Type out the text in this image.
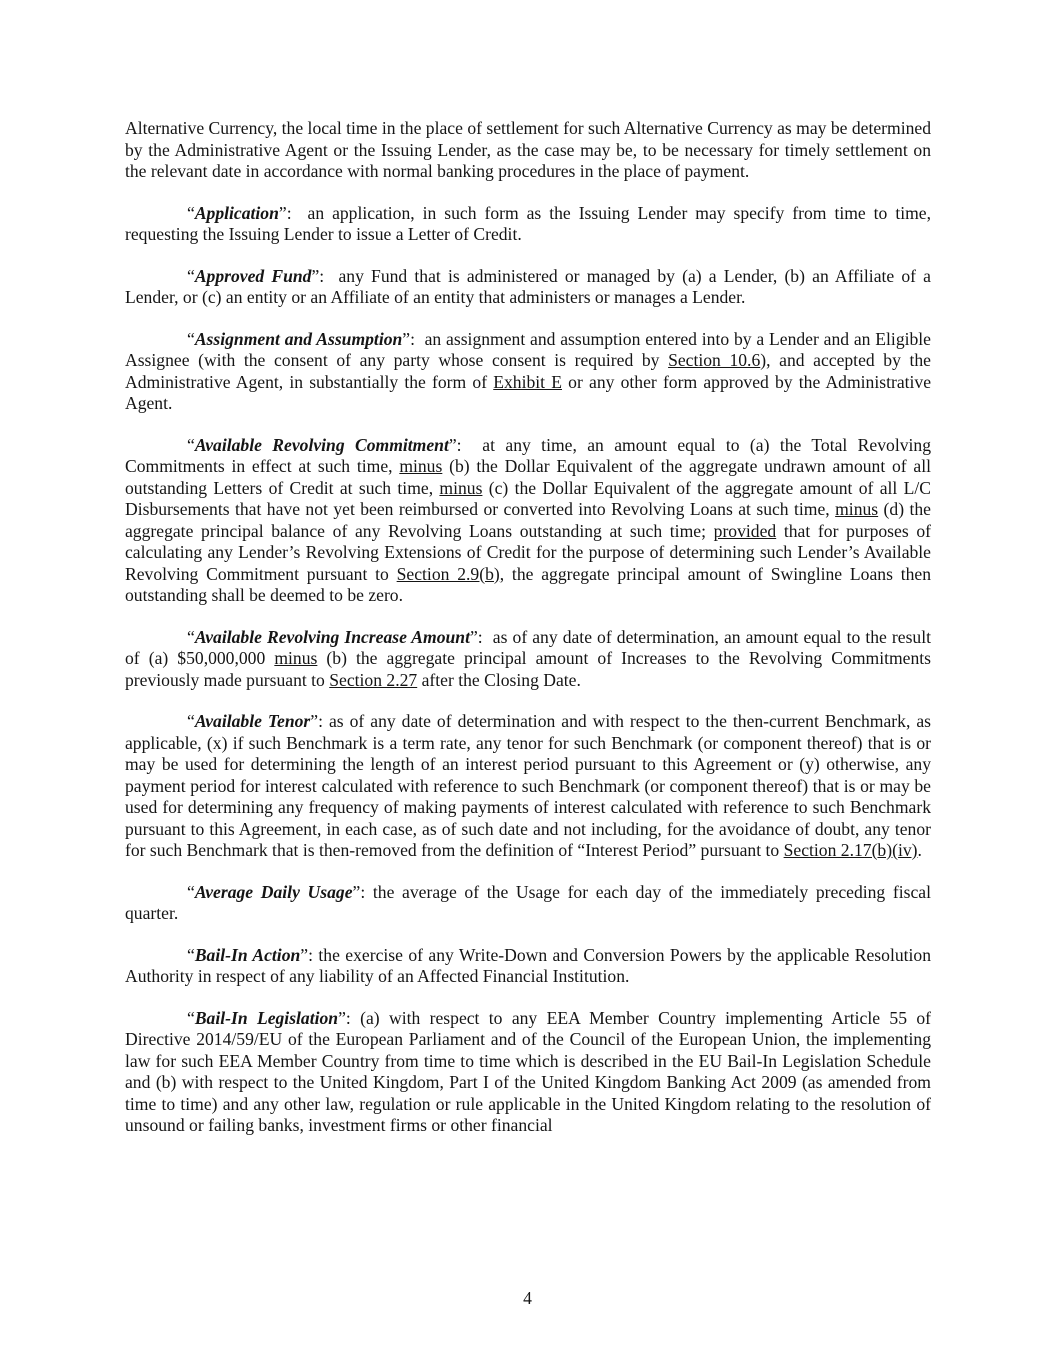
Alternative Currency, the local time in the place of settlement for such Alternative Currency as may be determined by the Administrative Agent or the Issuing Lender, as the case may be, to be necessary for timely settlement on the relevant date in accordance with normal banking procedures in the place of payment.

“Application”:  an application, in such form as the Issuing Lender may specify from time to time, requesting the Issuing Lender to issue a Letter of Credit.

“Approved Fund”:  any Fund that is administered or managed by (a) a Lender, (b) an Affiliate of a Lender, or (c) an entity or an Affiliate of an entity that administers or manages a Lender.

“Assignment and Assumption”:  an assignment and assumption entered into by a Lender and an Eligible Assignee (with the consent of any party whose consent is required by Section 10.6), and accepted by the Administrative Agent, in substantially the form of Exhibit E or any other form approved by the Administrative Agent.

“Available Revolving Commitment”:  at any time, an amount equal to (a) the Total Revolving Commitments in effect at such time, minus (b) the Dollar Equivalent of the aggregate undrawn amount of all outstanding Letters of Credit at such time, minus (c) the Dollar Equivalent of the aggregate amount of all L/C Disbursements that have not yet been reimbursed or converted into Revolving Loans at such time, minus (d) the aggregate principal balance of any Revolving Loans outstanding at such time; provided that for purposes of calculating any Lender’s Revolving Extensions of Credit for the purpose of determining such Lender’s Available Revolving Commitment pursuant to Section 2.9(b), the aggregate principal amount of Swingline Loans then outstanding shall be deemed to be zero.

“Available Revolving Increase Amount”:  as of any date of determination, an amount equal to the result of (a) $50,000,000 minus (b) the aggregate principal amount of Increases to the Revolving Commitments previously made pursuant to Section 2.27 after the Closing Date.

“Available Tenor”: as of any date of determination and with respect to the then-current Benchmark, as applicable, (x) if such Benchmark is a term rate, any tenor for such Benchmark (or component thereof) that is or may be used for determining the length of an interest period pursuant to this Agreement or (y) otherwise, any payment period for interest calculated with reference to such Benchmark (or component thereof) that is or may be used for determining any frequency of making payments of interest calculated with reference to such Benchmark pursuant to this Agreement, in each case, as of such date and not including, for the avoidance of doubt, any tenor for such Benchmark that is then-removed from the definition of “Interest Period” pursuant to Section 2.17(b)(iv).

“Average Daily Usage”: the average of the Usage for each day of the immediately preceding fiscal quarter.

“Bail-In Action”: the exercise of any Write-Down and Conversion Powers by the applicable Resolution Authority in respect of any liability of an Affected Financial Institution.

“Bail-In Legislation”: (a) with respect to any EEA Member Country implementing Article 55 of Directive 2014/59/EU of the European Parliament and of the Council of the European Union, the implementing law for such EEA Member Country from time to time which is described in the EU Bail-In Legislation Schedule and (b) with respect to the United Kingdom, Part I of the United Kingdom Banking Act 2009 (as amended from time to time) and any other law, regulation or rule applicable in the United Kingdom relating to the resolution of unsound or failing banks, investment firms or other financial

4
